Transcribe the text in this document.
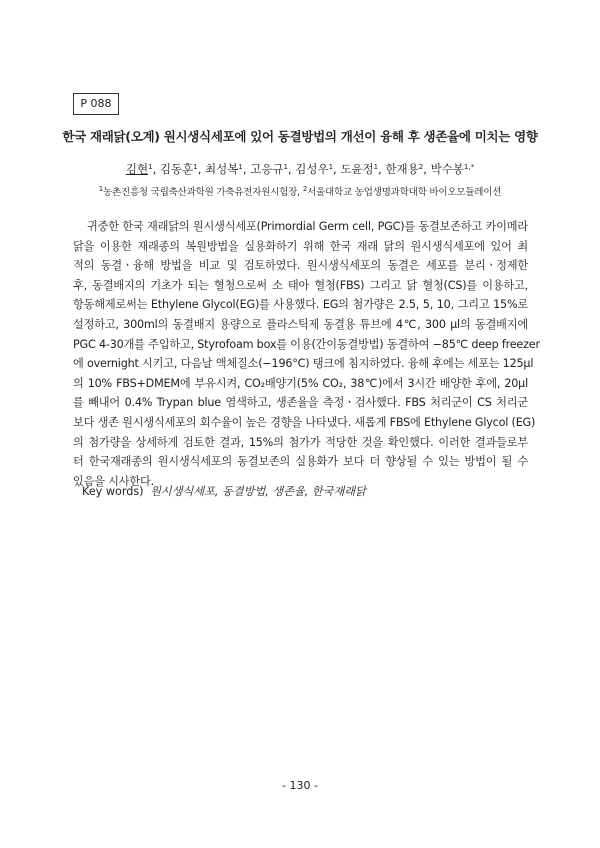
P 088
한국 재래닭(오계) 원시생식세포에 있어 동결방법의 개선이 융해 후 생존율에 미치는 영향
김현$^1$, 김동훈$^1$, 최성복$^1$, 고응규$^1$, 김성우$^1$, 도윤정$^1$, 한재용$^2$, 박수봉$^{1,*}$
$^1$농촌진흥청 국립축산과학원 가축유전자원시험장, $^2$서울대학교 농업생명과학대학 바이오모듈레이션
귀중한 한국 재래닭의 원시생식세포(Primordial Germ cell, PGC)를 동결보존하고 카이메라
닭을 이용한 재래종의 복원방법을 실용화하기 위해 한국 재래 닭의 원시생식세포에 있어 최
적의 동결ㆍ융해 방법을 비교 및 검토하였다. 원시생식세포의 동결은 세포를 분리ㆍ정제한
후, 동결배지의 기초가 되는 혈청으로써 소 태아 혈청(FBS) 그리고 닭 혈청(CS)를 이용하고,
항동해제로써는 Ethylene Glycol(EG)를 사용했다. EG의 첨가량은 2.5, 5, 10, 그리고 15%로
설정하고, 300ml의 동결배지 용량으로 플라스틱제 동결용 튜브에 4℃, 300 μl의 동결배지에
PGC 4-30개를 주입하고, Styrofoam box를 이용(간이동결방법) 동결하여 −85℃ deep freezer
에 overnight 시키고, 다음날 액체질소(−196°C) 탱크에 침지하였다. 융해 후에는 세포는 125μl
의 10% FBS+DMEM에 부유시켜, CO₂배양기(5% CO₂, 38℃)에서 3시간 배양한 후에, 20μl
를 빼내어 0.4% Trypan blue 염색하고, 생존율을 측정ㆍ검사했다. FBS 처리군이 CS 처리군
보다 생존 원시생식세포의 회수율이 높은 경향을 나타냈다. 새롭게 FBS에 Ethylene Glycol (EG)
의 첨가량을 상세하게 검토한 결과, 15%의 첨가가 적당한 것을 확인했다. 이러한 결과들로부
터 한국재래종의 원시생식세포의 동결보존의 실용화가 보다 더 향상될 수 있는 방법이 될 수
있음을 시사한다.
Key words) 원시생식세포, 동결방법, 생존율, 한국재래닭
- 130 -
